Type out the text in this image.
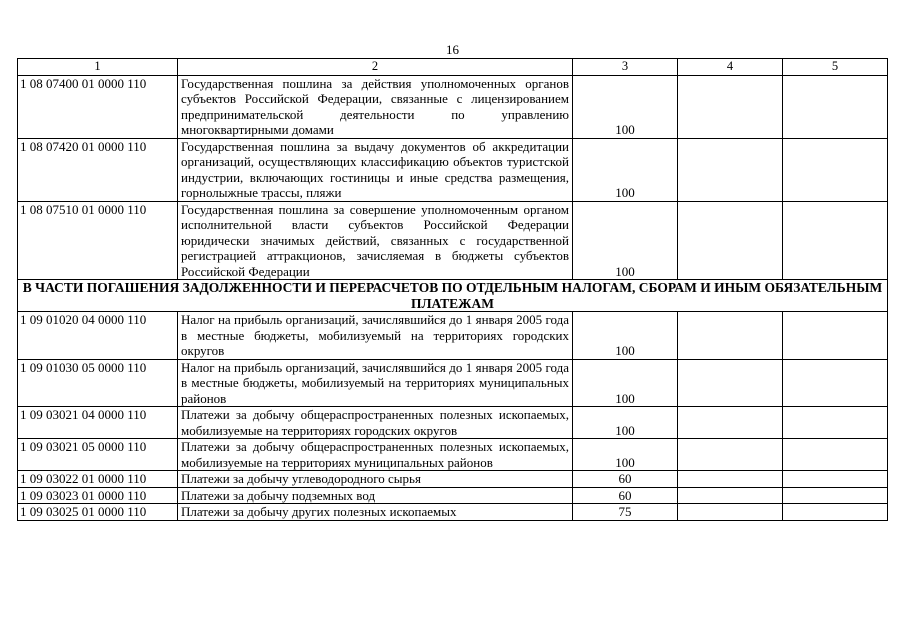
16
1	2	3	4	5
1 08 07400 01 0000 110	Государственная пошлина за действия уполномоченных органов субъектов Российской Федерации, связанные с лицензированием предпринимательской деятельности по управлению многоквартирными домами	100		
1 08 07420 01 0000 110	Государственная пошлина за выдачу документов об аккредитации организаций, осуществляющих классификацию объектов туристской индустрии, включающих гостиницы и иные средства размещения, горнолыжные трассы, пляжи	100		
1 08 07510 01 0000 110	Государственная пошлина за совершение уполномоченным органом исполнительной власти субъектов Российской Федерации юридически значимых действий, связанных с государственной регистрацией аттракционов, зачисляемая в бюджеты субъектов Российской Федерации	100		
В ЧАСТИ ПОГАШЕНИЯ ЗАДОЛЖЕННОСТИ И ПЕРЕРАСЧЕТОВ ПО ОТДЕЛЬНЫМ НАЛОГАМ, СБОРАМ И ИНЫМ ОБЯЗАТЕЛЬНЫМ ПЛАТЕЖАМ				
1 09 01020 04 0000 110	Налог на прибыль организаций, зачислявшийся до 1 января 2005 года в местные бюджеты, мобилизуемый на территориях городских округов	100		
1 09 01030 05 0000 110	Налог на прибыль организаций, зачислявшийся до 1 января 2005 года в местные бюджеты, мобилизуемый на территориях муниципальных районов	100		
1 09 03021 04 0000 110	Платежи за добычу общераспространенных полезных ископаемых, мобилизуемые на территориях городских округов	100		
1 09 03021 05 0000 110	Платежи за добычу общераспространенных полезных ископаемых, мобилизуемые на территориях муниципальных районов	100		
1 09 03022 01 0000 110	Платежи за добычу углеводородного сырья	60		
1 09 03023 01 0000 110	Платежи за добычу подземных вод	60		
1 09 03025 01 0000 110	Платежи за добычу других полезных ископаемых	75		
